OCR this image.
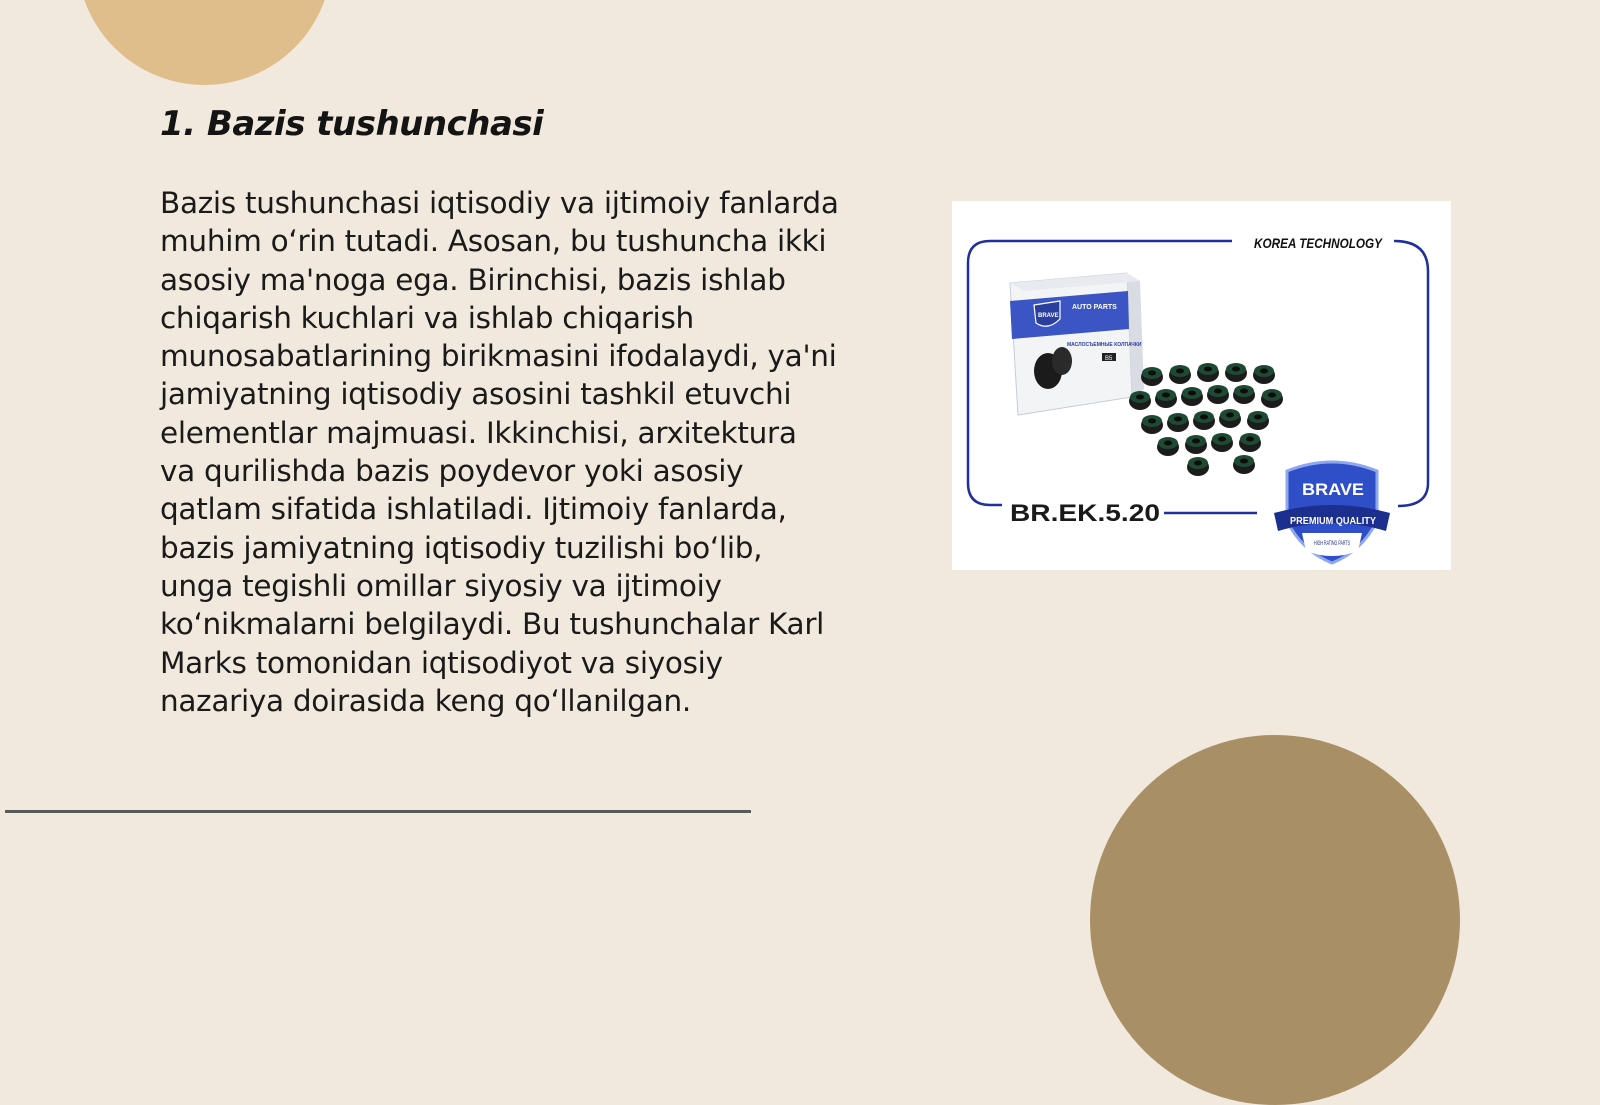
1. Bazis tushunchasi

Bazis tushunchasi iqtisodiy va ijtimoiy fanlarda muhim o‘rin tutadi. Asosan, bu tushuncha ikki asosiy ma'noga ega. Birinchisi, bazis ishlab chiqarish kuchlari va ishlab chiqarish munosabatlarining birikmasini ifodalaydi, ya'ni jamiyatning iqtisodiy asosini tashkil etuvchi elementlar majmuasi. Ikkinchisi, arxitektura va qurilishda bazis poydevor yoki asosiy qatlam sifatida ishlatiladi. Ijtimoiy fanlarda, bazis jamiyatning iqtisodiy tuzilishi bo‘lib, unga tegishli omillar siyosiy va ijtimoiy ko‘nikmalarni belgilaydi. Bu tushunchalar Karl Marks tomonidan iqtisodiyot va siyosiy nazariya doirasida keng qo‘llanilgan.

KOREA TECHNOLOGY
BRAVE
AUTO PARTS
МАСЛОСЪЕМНЫЕ КОЛПАЧКИ
B5
BR.EK.5.20
BRAVE
PREMIUM QUALITY
HIGH RATING PARTS
